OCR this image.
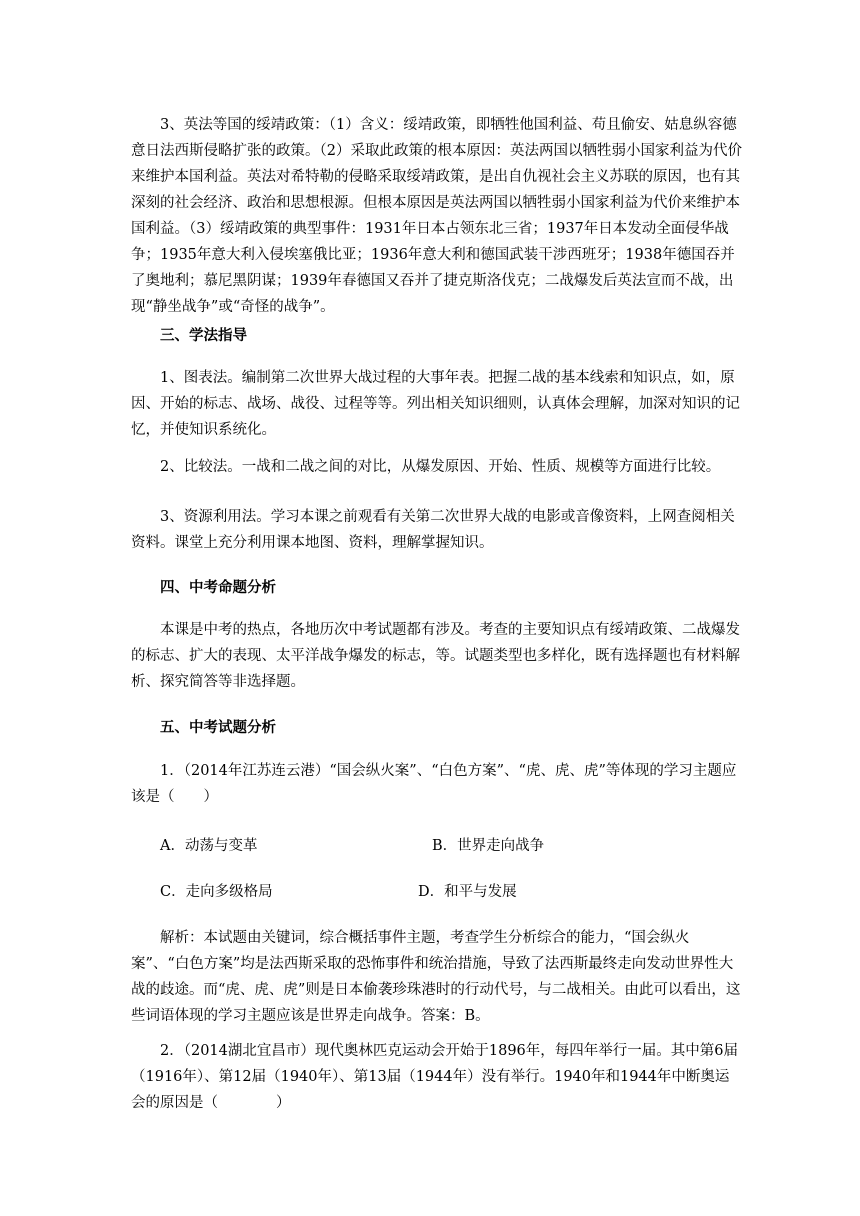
3、英法等国的绥靖政策：（1）含义：绥靖政策，即牺牲他国利益、苟且偷安、姑息纵容德意日法西斯侵略扩张的政策。（2）采取此政策的根本原因：英法两国以牺牲弱小国家利益为代价来维护本国利益。英法对希特勒的侵略采取绥靖政策，是出自仇视社会主义苏联的原因，也有其深刻的社会经济、政治和思想根源。但根本原因是英法两国以牺牲弱小国家利益为代价来维护本国利益。（3）绥靖政策的典型事件：1931年日本占领东北三省；1937年日本发动全面侵华战争；1935年意大利入侵埃塞俄比亚；1936年意大利和德国武装干涉西班牙；1938年德国吞并了奥地利；慕尼黑阴谋；1939年春德国又吞并了捷克斯洛伐克；二战爆发后英法宣而不战，出现“静坐战争”或“奇怪的战争”。

三、学法指导

1、图表法。编制第二次世界大战过程的大事年表。把握二战的基本线索和知识点，如，原因、开始的标志、战场、战役、过程等等。列出相关知识细则，认真体会理解，加深对知识的记忆，并使知识系统化。

2、比较法。一战和二战之间的对比，从爆发原因、开始、性质、规模等方面进行比较。

3、资源利用法。学习本课之前观看有关第二次世界大战的电影或音像资料，上网查阅相关资料。课堂上充分利用课本地图、资料，理解掌握知识。

四、中考命题分析

本课是中考的热点，各地历次中考试题都有涉及。考查的主要知识点有绥靖政策、二战爆发的标志、扩大的表现、太平洋战争爆发的标志，等。试题类型也多样化，既有选择题也有材料解析、探究简答等非选择题。

五、中考试题分析

1．（2014年江苏连云港）“国会纵火案”、“白色方案”、“虎、虎、虎”等体现的学习主题应该是（　　）

A．动荡与变革	B．世界走向战争
C．走向多级格局	D．和平与发展

解析：本试题由关键词，综合概括事件主题，考查学生分析综合的能力，“国会纵火案”、“白色方案”均是法西斯采取的恐怖事件和统治措施，导致了法西斯最终走向发动世界性大战的歧途。而“虎、虎、虎”则是日本偷袭珍珠港时的行动代号，与二战相关。由此可以看出，这些词语体现的学习主题应该是世界走向战争。答案：B。

2．（2014湖北宜昌市）现代奥林匹克运动会开始于1896年，每四年举行一届。其中第6届（1916年）、第12届（1940年）、第13届（1944年）没有举行。1940年和1944年中断奥运会的原因是（　　　　）
